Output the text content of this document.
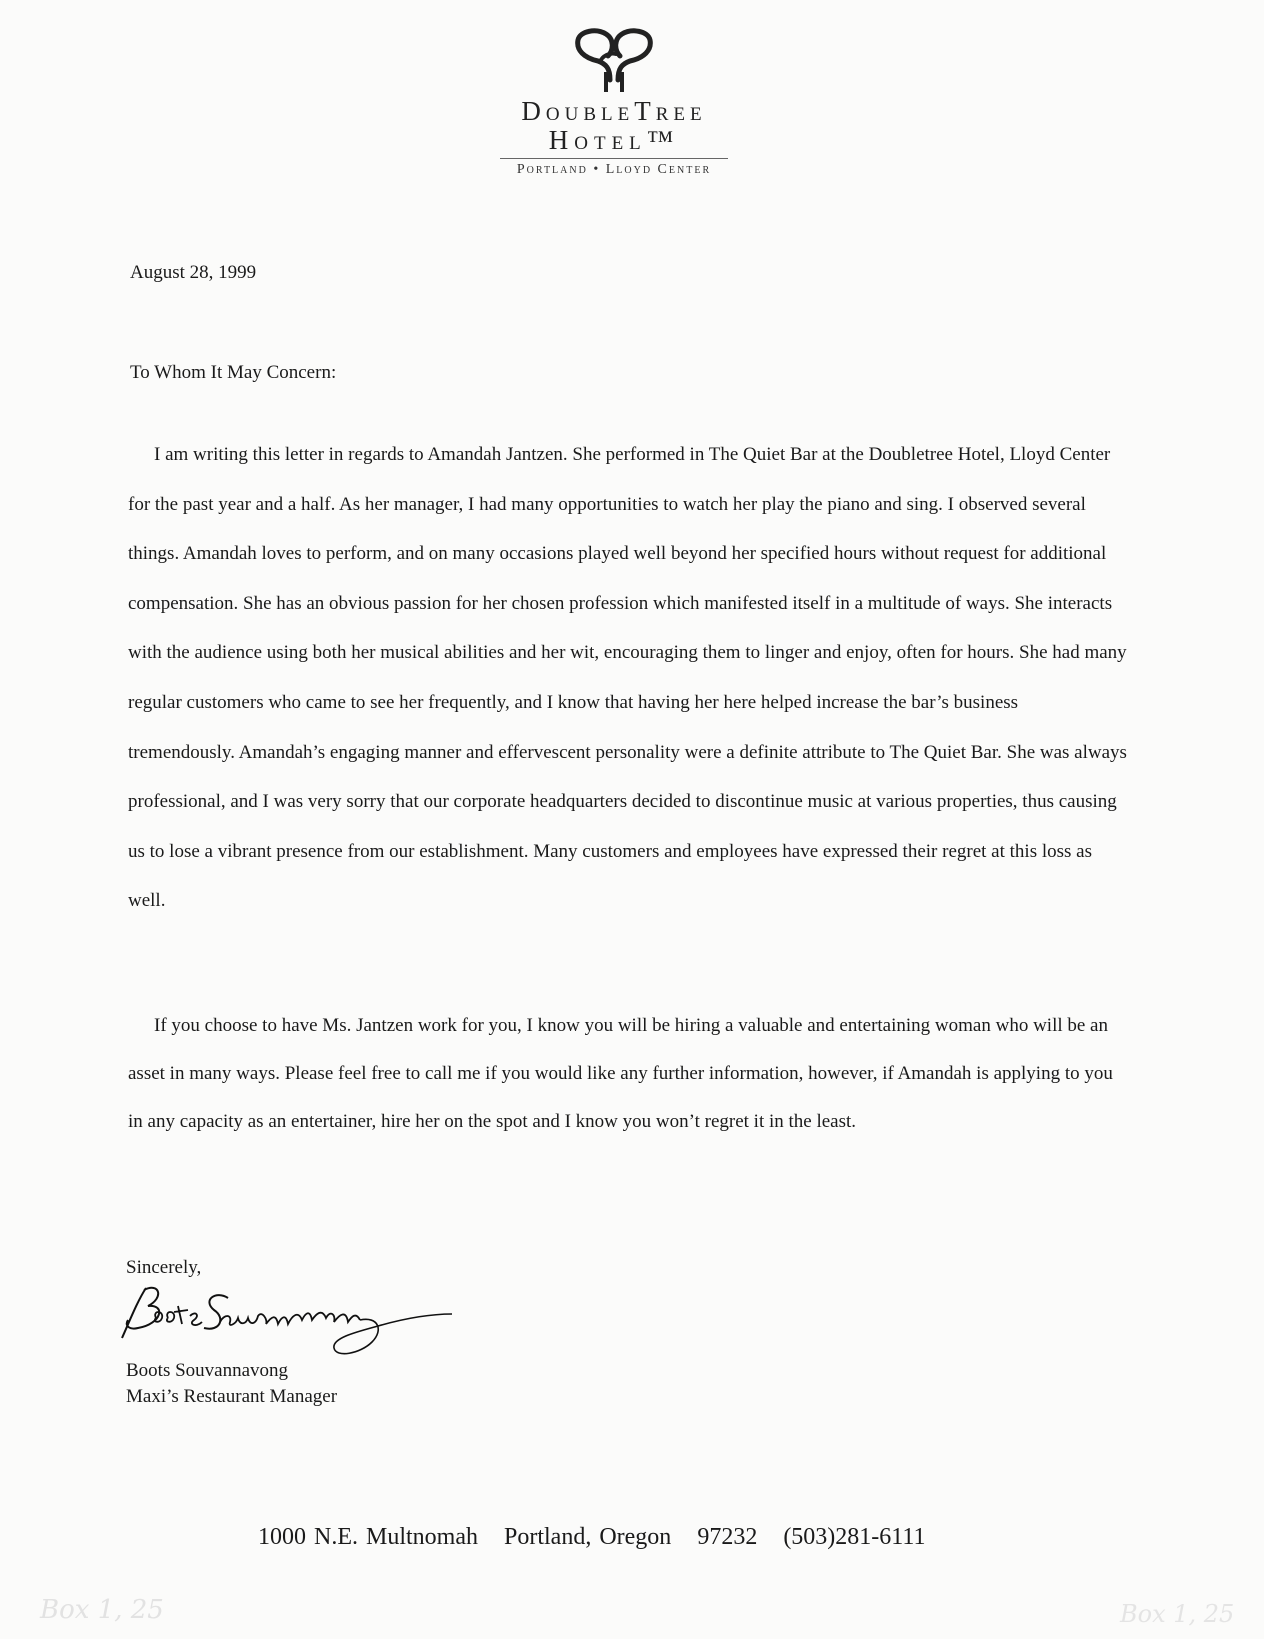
DoubleTree
Hotel™
Portland • Lloyd Center
August 28, 1999
To Whom It May Concern:

I am writing this letter in regards to Amandah Jantzen. She performed in The Quiet Bar at the Doubletree Hotel, Lloyd Center for the past year and a half. As her manager, I had many opportunities to watch her play the piano and sing. I observed several things. Amandah loves to perform, and on many occasions played well beyond her specified hours without request for additional compensation. She has an obvious passion for her chosen profession which manifested itself in a multitude of ways. She interacts with the audience using both her musical abilities and her wit, encouraging them to linger and enjoy, often for hours. She had many regular customers who came to see her frequently, and I know that having her here helped increase the bar’s business tremendously. Amandah’s engaging manner and effervescent personality were a definite attribute to The Quiet Bar. She was always professional, and I was very sorry that our corporate headquarters decided to discontinue music at various properties, thus causing us to lose a vibrant presence from our establishment. Many customers and employees have expressed their regret at this loss as well.

If you choose to have Ms. Jantzen work for you, I know you will be hiring a valuable and entertaining woman who will be an asset in many ways. Please feel free to call me if you would like any further information, however, if Amandah is applying to you in any capacity as an entertainer, hire her on the spot and I know you won’t regret it in the least.

Sincerely,
Boots Souvannavong
Maxi’s Restaurant Manager
1000 N.E. Multnomah Portland, Oregon 97232 (503)281-6111
Box 1, 25	Box 1, 25
